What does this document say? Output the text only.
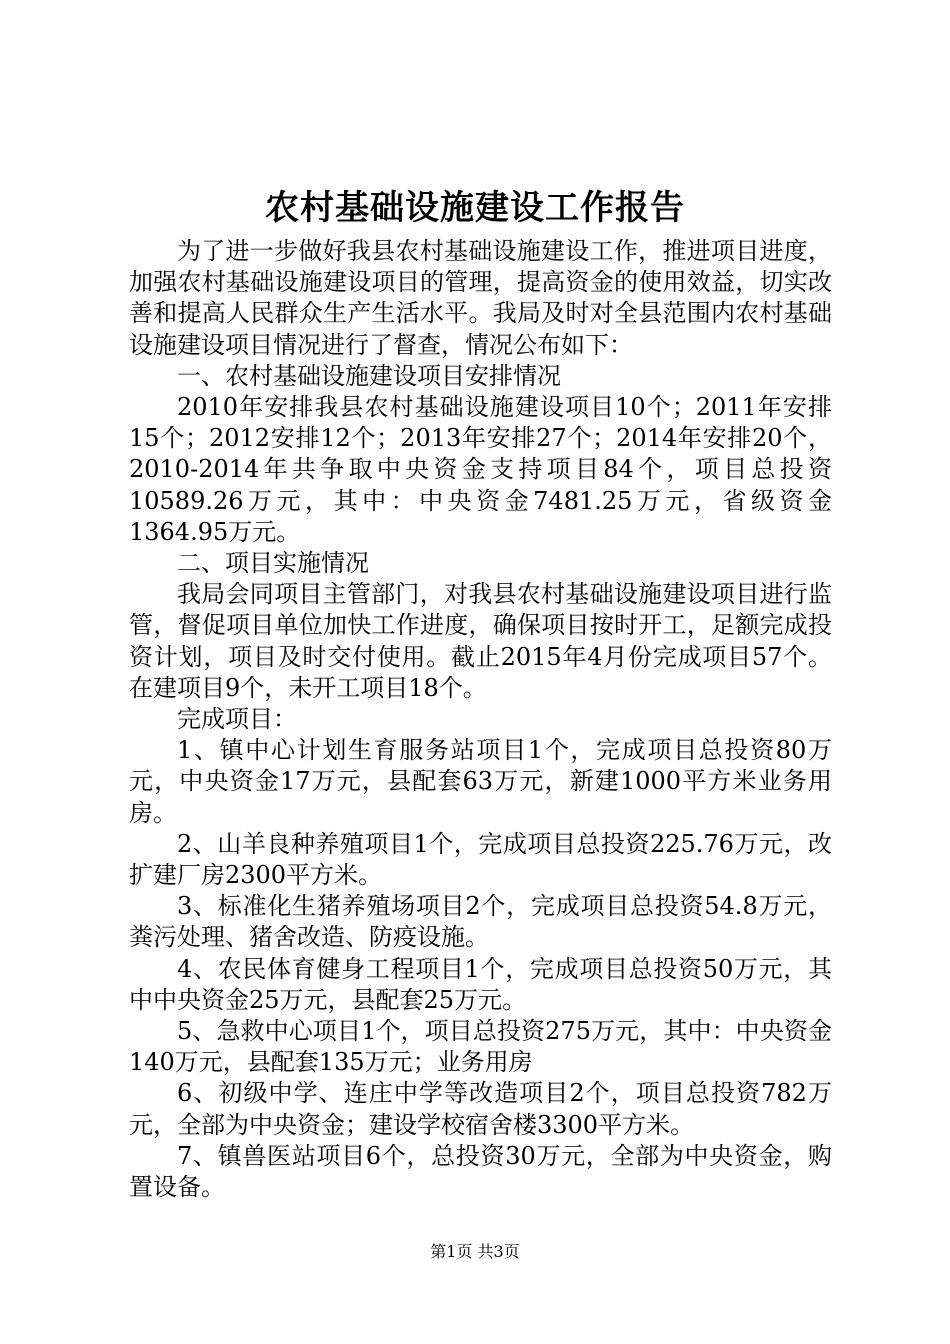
农村基础设施建设工作报告

为了进一步做好我县农村基础设施建设工作，推进项目进度，加强农村基础设施建设项目的管理，提高资金的使用效益，切实改善和提高人民群众生产生活水平。我局及时对全县范围内农村基础设施建设项目情况进行了督查，情况公布如下：

一、农村基础设施建设项目安排情况

2010年安排我县农村基础设施建设项目10个；2011年安排15个；2012安排12个；2013年安排27个；2014年安排20个，2010-2014年共争取中央资金支持项目84个，项目总投资10589.26万元，其中：中央资金7481.25万元，省级资金1364.95万元。

二、项目实施情况

我局会同项目主管部门，对我县农村基础设施建设项目进行监管，督促项目单位加快工作进度，确保项目按时开工，足额完成投资计划，项目及时交付使用。截止2015年4月份完成项目57个。在建项目9个，未开工项目18个。

完成项目：

1、镇中心计划生育服务站项目1个，完成项目总投资80万元，中央资金17万元，县配套63万元，新建1000平方米业务用房。

2、山羊良种养殖项目1个，完成项目总投资225.76万元，改扩建厂房2300平方米。

3、标准化生猪养殖场项目2个，完成项目总投资54.8万元，粪污处理、猪舍改造、防疫设施。

4、农民体育健身工程项目1个，完成项目总投资50万元，其中中央资金25万元，县配套25万元。

5、急救中心项目1个，项目总投资275万元，其中：中央资金140万元，县配套135万元；业务用房

6、初级中学、连庄中学等改造项目2个，项目总投资782万元，全部为中央资金；建设学校宿舍楼3300平方米。

7、镇兽医站项目6个，总投资30万元，全部为中央资金，购置设备。

第1页 共3页
